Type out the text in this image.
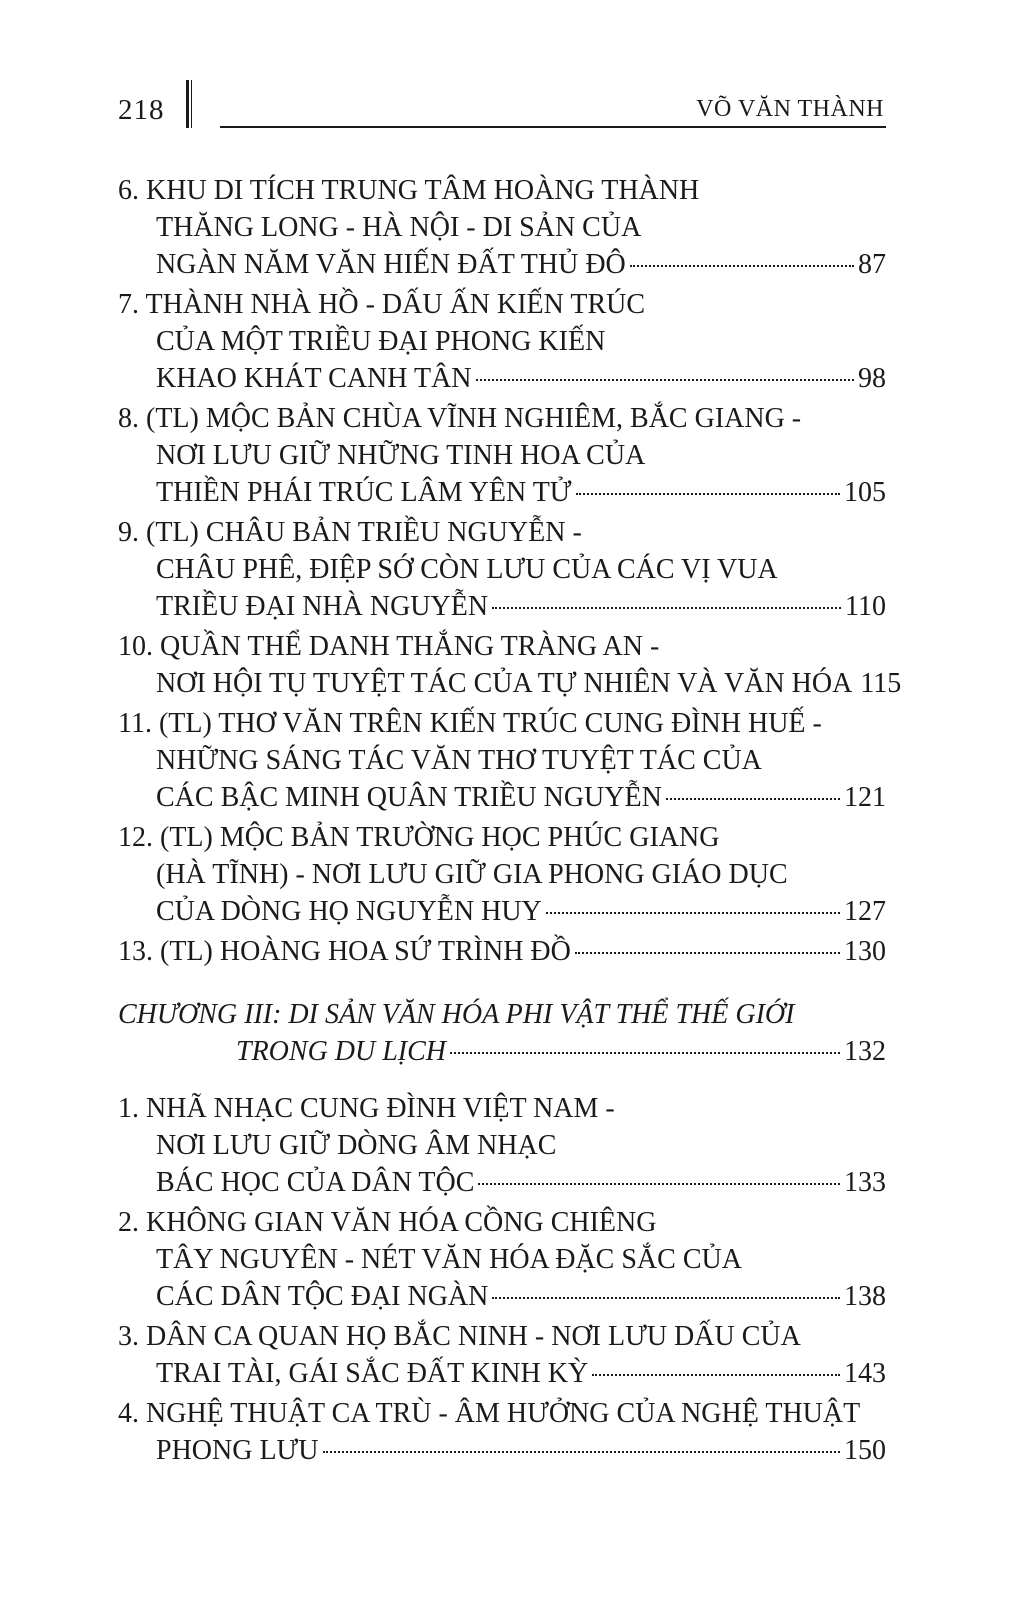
218	VÕ VĂN THÀNH
6. KHU DI TÍCH TRUNG TÂM HOÀNG THÀNH
THĂNG LONG - HÀ NỘI - DI SẢN CỦA
NGÀN NĂM VĂN HIẾN ĐẤT THỦ ĐÔ	87
7. THÀNH NHÀ HỒ - DẤU ẤN KIẾN TRÚC
CỦA MỘT TRIỀU ĐẠI PHONG KIẾN
KHAO KHÁT CANH TÂN	98
8. (TL) MỘC BẢN CHÙA VĨNH NGHIÊM, BẮC GIANG -
NƠI LƯU GIỮ NHỮNG TINH HOA CỦA
THIỀN PHÁI TRÚC LÂM YÊN TỬ	105
9. (TL) CHÂU BẢN TRIỀU NGUYỄN -
CHÂU PHÊ, ĐIỆP SỚ CÒN LƯU CỦA CÁC VỊ VUA
TRIỀU ĐẠI NHÀ NGUYỄN	110
10. QUẦN THỂ DANH THẮNG TRÀNG AN -
NƠI HỘI TỤ TUYỆT TÁC CỦA TỰ NHIÊN VÀ VĂN HÓA 115
11. (TL) THƠ VĂN TRÊN KIẾN TRÚC CUNG ĐÌNH HUẾ -
NHỮNG SÁNG TÁC VĂN THƠ TUYỆT TÁC CỦA
CÁC BẬC MINH QUÂN TRIỀU NGUYỄN	121
12. (TL) MỘC BẢN TRƯỜNG HỌC PHÚC GIANG
(HÀ TĨNH) - NƠI LƯU GIỮ GIA PHONG GIÁO DỤC
CỦA DÒNG HỌ NGUYỄN HUY	127
13. (TL) HOÀNG HOA SỨ TRÌNH ĐỒ	130
CHƯƠNG III: DI SẢN VĂN HÓA PHI VẬT THỂ THẾ GIỚI
TRONG DU LỊCH	132
1. NHÃ NHẠC CUNG ĐÌNH VIỆT NAM -
NƠI LƯU GIỮ DÒNG ÂM NHẠC
BÁC HỌC CỦA DÂN TỘC	133
2. KHÔNG GIAN VĂN HÓA CỒNG CHIÊNG
TÂY NGUYÊN - NÉT VĂN HÓA ĐẶC SẮC CỦA
CÁC DÂN TỘC ĐẠI NGÀN	138
3. DÂN CA QUAN HỌ BẮC NINH - NƠI LƯU DẤU CỦA
TRAI TÀI, GÁI SẮC ĐẤT KINH KỲ	143
4. NGHỆ THUẬT CA TRÙ - ÂM HƯỞNG CỦA NGHỆ THUẬT
PHONG LƯU	150
